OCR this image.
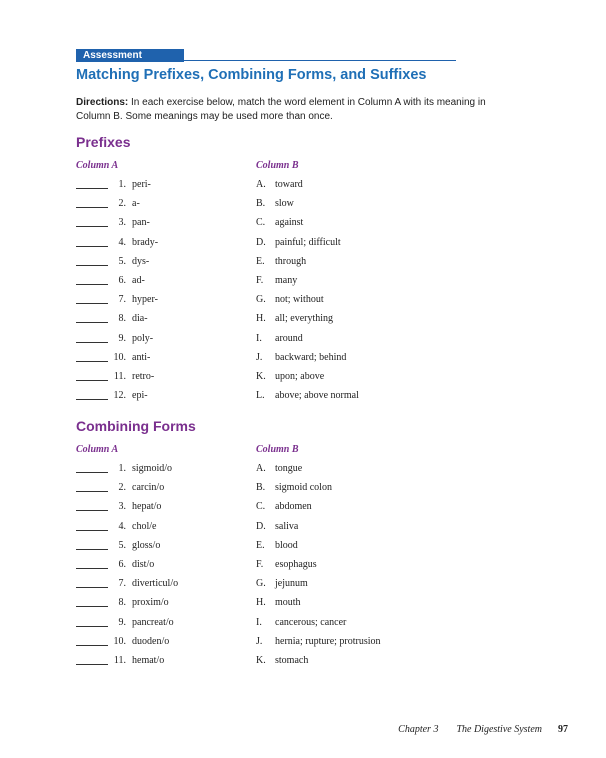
Assessment
Matching Prefixes, Combining Forms, and Suffixes

Directions: In each exercise below, match the word element in Column A with its meaning in Column B. Some meanings may be used more than once.

Prefixes
Column A	Column B
1. peri-	A. toward
2. a-	B. slow
3. pan-	C. against
4. brady-	D. painful; difficult
5. dys-	E. through
6. ad-	F. many
7. hyper-	G. not; without
8. dia-	H. all; everything
9. poly-	I. around
10. anti-	J. backward; behind
11. retro-	K. upon; above
12. epi-	L. above; above normal
Combining Forms
Column A	Column B
1. sigmoid/o	A. tongue
2. carcin/o	B. sigmoid colon
3. hepat/o	C. abdomen
4. chol/e	D. saliva
5. gloss/o	E. blood
6. dist/o	F. esophagus
7. diverticul/o	G. jejunum
8. proxim/o	H. mouth
9. pancreat/o	I. cancerous; cancer
10. duoden/o	J. hernia; rupture; protrusion
11. hemat/o	K. stomach
Chapter 3 The Digestive System 97
